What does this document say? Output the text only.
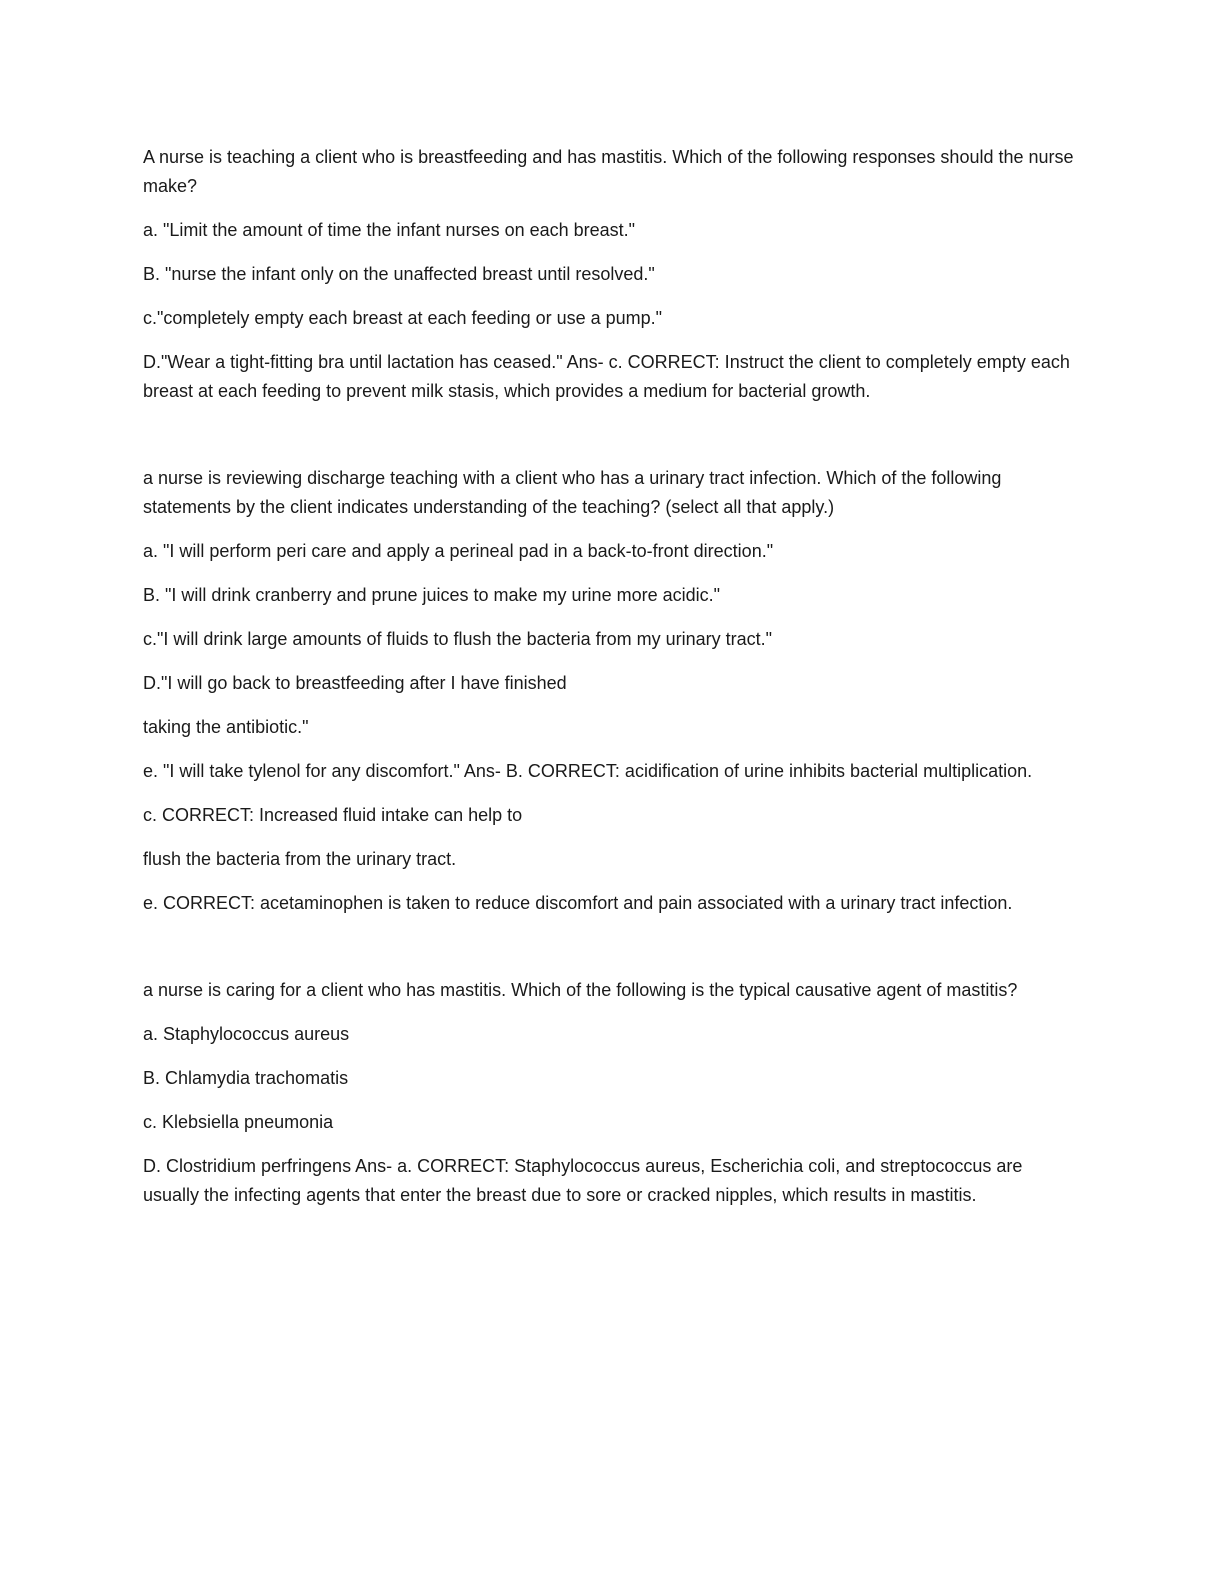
A nurse is teaching a client who is breastfeeding and has mastitis. Which of the following responses should the nurse make?

a. "Limit the amount of time the infant nurses on each breast."

B. "nurse the infant only on the unaffected breast until resolved."

c."completely empty each breast at each feeding or use a pump."

D."Wear a tight-fitting bra until lactation has ceased." Ans- c. CORRECT: Instruct the client to completely empty each breast at each feeding to prevent milk stasis, which provides a medium for bacterial growth.

a nurse is reviewing discharge teaching with a client who has a urinary tract infection. Which of the following statements by the client indicates understanding of the teaching? (select all that apply.)

a. "I will perform peri care and apply a perineal pad in a back-to-front direction."

B. "I will drink cranberry and prune juices to make my urine more acidic."

c."I will drink large amounts of fluids to flush the bacteria from my urinary tract."

D."I will go back to breastfeeding after I have finished

taking the antibiotic."

e. "I will take tylenol for any discomfort." Ans- B. CORRECT: acidification of urine inhibits bacterial multiplication.

c. CORRECT: Increased fluid intake can help to

flush the bacteria from the urinary tract.

e. CORRECT: acetaminophen is taken to reduce discomfort and pain associated with a urinary tract infection.

a nurse is caring for a client who has mastitis. Which of the following is the typical causative agent of mastitis?

a. Staphylococcus aureus

B. Chlamydia trachomatis

c. Klebsiella pneumonia

D. Clostridium perfringens Ans- a. CORRECT: Staphylococcus aureus, Escherichia coli, and streptococcus are usually the infecting agents that enter the breast due to sore or cracked nipples, which results in mastitis.
